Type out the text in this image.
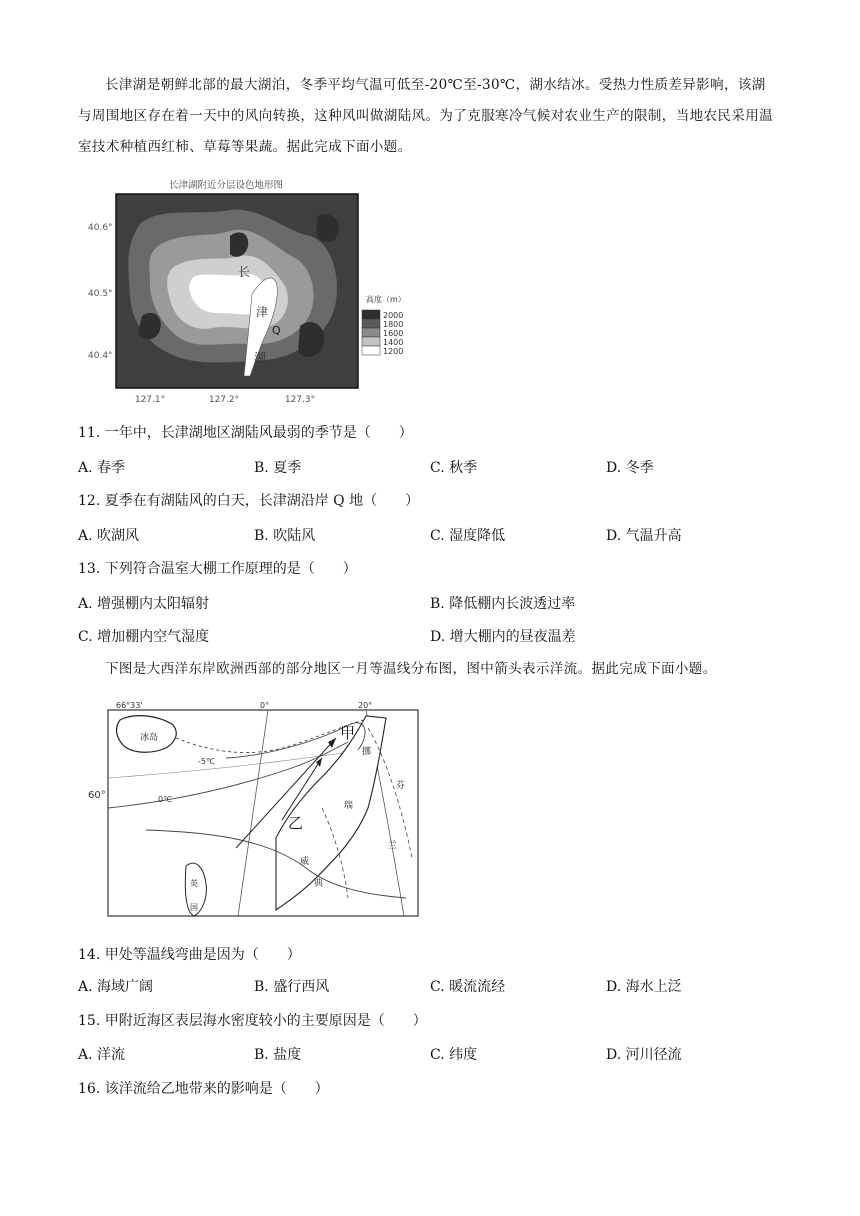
长津湖是朝鲜北部的最大湖泊，冬季平均气温可低至-20℃至-30℃，湖水结冰。受热力性质差异影响，该湖与周围地区存在着一天中的风向转换，这种风叫做湖陆风。为了克服寒冷气候对农业生产的限制，当地农民采用温室技术种植西红柿、草莓等果蔬。据此完成下面小题。

长津湖附近分层设色地形图
长
津
湖
Q
40.6°
40.5°
40.4°
127.1°	127.2°	127.3°
高度（m）
2000
1800
1600
1400
1200

11. 一年中，长津湖地区湖陆风最弱的季节是（　　）

A. 春季	B. 夏季	C. 秋季	D. 冬季

12. 夏季在有湖陆风的白天，长津湖沿岸 Q 地（　　）

A. 吹湖风	B. 吹陆风	C. 湿度降低	D. 气温升高

13. 下列符合温室大棚工作原理的是（　　）

A. 增强棚内太阳辐射	B. 降低棚内长波透过率
C. 增加棚内空气湿度	D. 增大棚内的昼夜温差

下图是大西洋东岸欧洲西部的部分地区一月等温线分布图，图中箭头表示洋流。据此完成下面小题。

66°33'	0°	20°
60°
冰岛
英
国
挪
威
瑞
典
芬
兰
-5℃
0℃
甲
乙

14. 甲处等温线弯曲是因为（　　）

A. 海域广阔	B. 盛行西风	C. 暖流流经	D. 海水上泛

15. 甲附近海区表层海水密度较小的主要原因是（　　）

A. 洋流	B. 盐度	C. 纬度	D. 河川径流

16. 该洋流给乙地带来的影响是（　　）
